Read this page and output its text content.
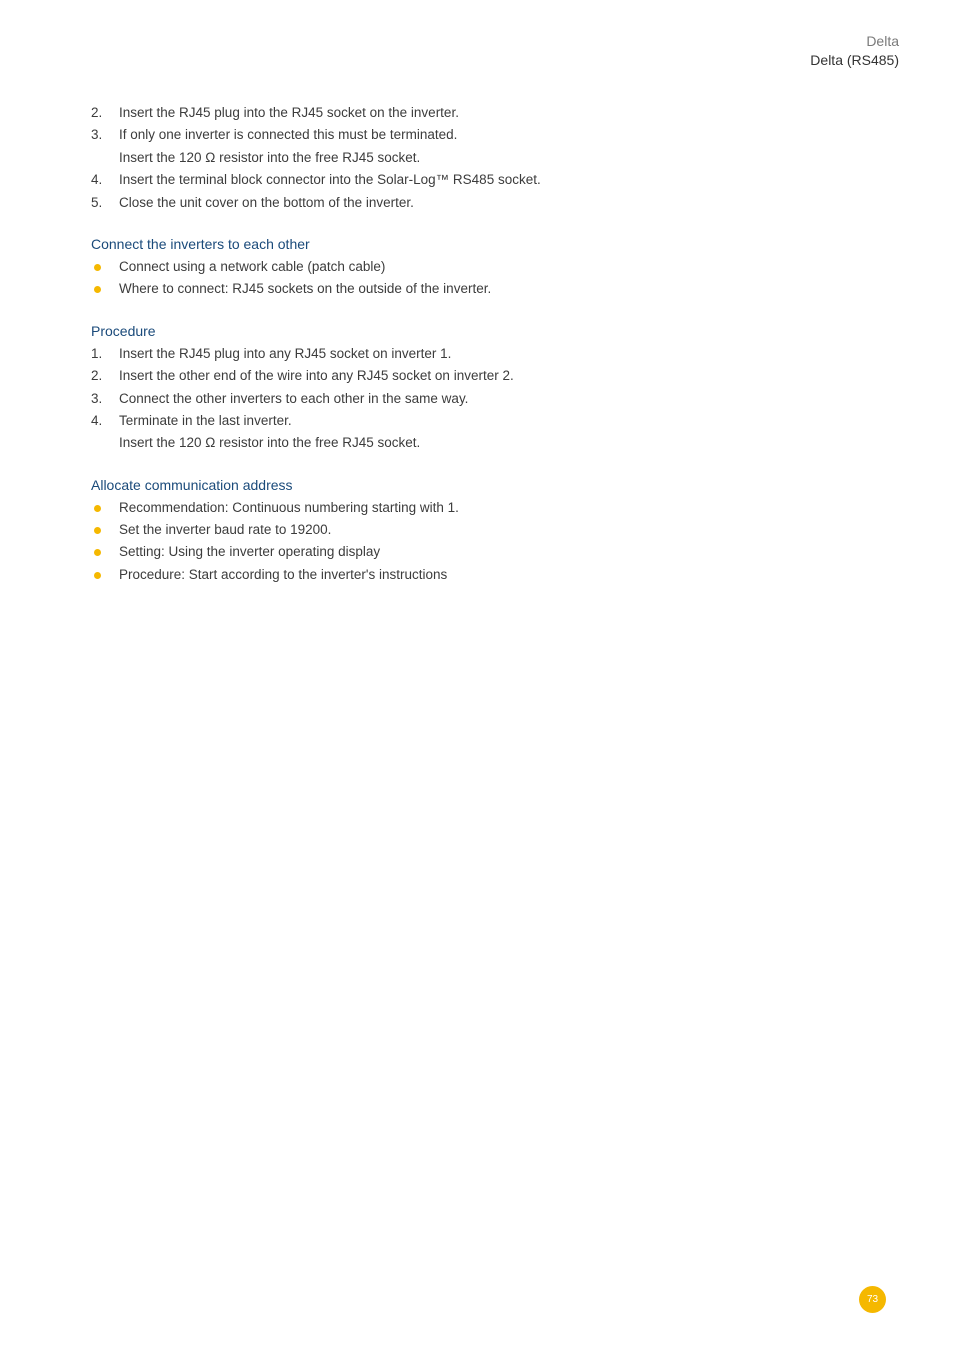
Delta
Delta (RS485)
2.	Insert the RJ45 plug into the RJ45 socket on the inverter.
3.	If only one inverter is connected this must be terminated.
Insert the 120 Ω resistor into the free RJ45 socket.
4.	Insert the terminal block connector into the Solar-Log™ RS485 socket.
5.	Close the unit cover on the bottom of the inverter.
Connect the inverters to each other
Connect using a network cable (patch cable)
Where to connect: RJ45 sockets on the outside of the inverter.
Procedure
1.	Insert the RJ45 plug into any RJ45 socket on inverter 1.
2.	Insert the other end of the wire into any RJ45 socket on inverter 2.
3.	Connect the other inverters to each other in the same way.
4.	Terminate in the last inverter.
Insert the 120 Ω resistor into the free RJ45 socket.
Allocate communication address
Recommendation: Continuous numbering starting with 1.
Set the inverter baud rate to 19200.
Setting: Using the inverter operating display
Procedure: Start according to the inverter's instructions
73
